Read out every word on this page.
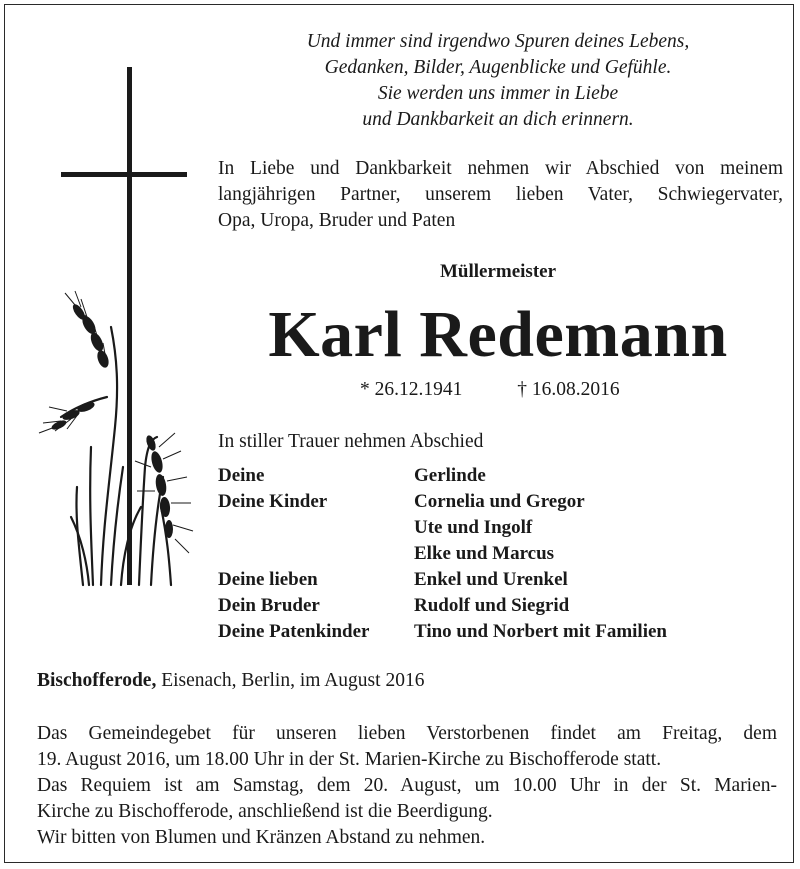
Und immer sind irgendwo Spuren deines Lebens,
Gedanken, Bilder, Augenblicke und Gefühle.
Sie werden uns immer in Liebe
und Dankbarkeit an dich erinnern.
In Liebe und Dankbarkeit nehmen wir Abschied von meinem
langjährigen Partner, unserem lieben Vater, Schwiegervater,
Opa, Uropa, Bruder und Paten
Müllermeister
Karl Redemann
* 26.12.1941	† 16.08.2016
In stiller Trauer nehmen Abschied
Deine	Gerlinde
Deine Kinder	Cornelia und Gregor
Ute und Ingolf
Elke und Marcus
Deine lieben	Enkel und Urenkel
Dein Bruder	Rudolf und Siegrid
Deine Patenkinder	Tino und Norbert mit Familien
Bischofferode, Eisenach, Berlin, im August 2016
Das Gemeindegebet für unseren lieben Verstorbenen findet am Freitag, dem
19. August 2016, um 18.00 Uhr in der St. Marien-Kirche zu Bischofferode statt.
Das Requiem ist am Samstag, dem 20. August, um 10.00 Uhr in der St. Marien-
Kirche zu Bischofferode, anschließend ist die Beerdigung.
Wir bitten von Blumen und Kränzen Abstand zu nehmen.
